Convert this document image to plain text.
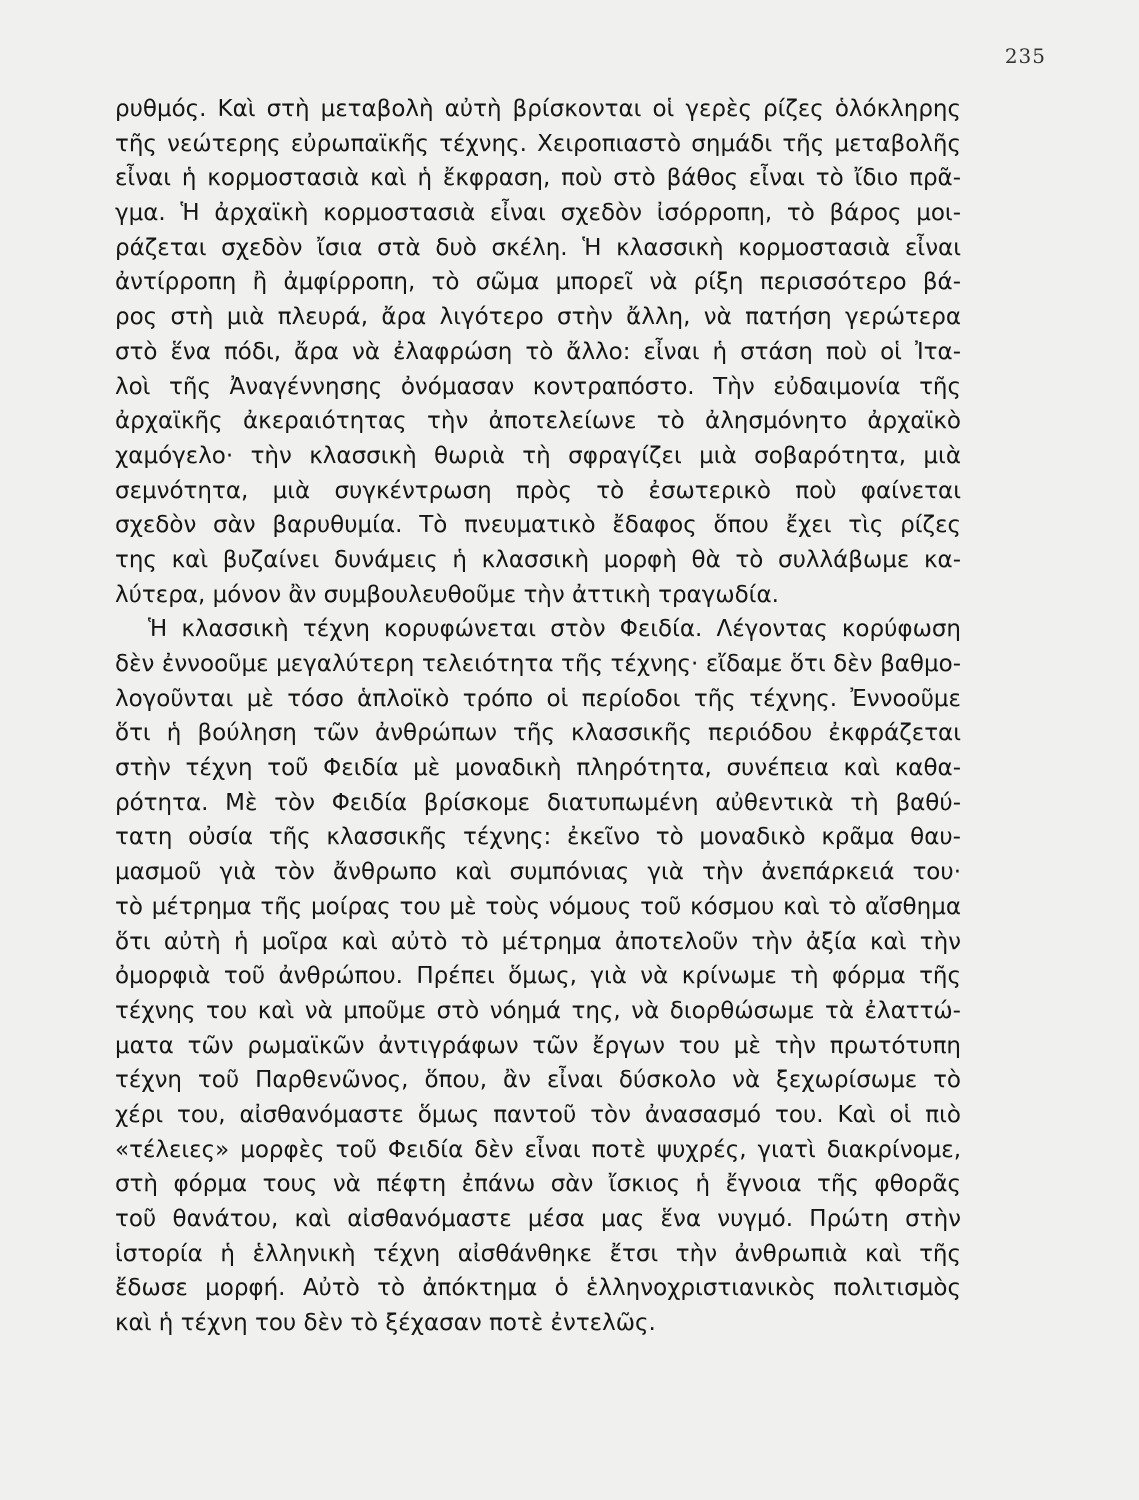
235
ρυθμός. Καὶ στὴ μεταβολὴ αὐτὴ βρίσκονται οἱ γερὲς ρίζες ὁλόκληρης
τῆς νεώτερης εὐρωπαϊκῆς τέχνης. Χειροπιαστὸ σημάδι τῆς μεταβολῆς
εἶναι ἡ κορμοστασιὰ καὶ ἡ ἔκφραση, ποὺ στὸ βάθος εἶναι τὸ ἴδιο πρᾶ-
γμα. Ἡ ἀρχαϊκὴ κορμοστασιὰ εἶναι σχεδὸν ἰσόρροπη, τὸ βάρος μοι-
ράζεται σχεδὸν ἴσια στὰ δυὸ σκέλη. Ἡ κλασσικὴ κορμοστασιὰ εἶναι
ἀντίρροπη ἢ ἀμφίρροπη, τὸ σῶμα μπορεῖ νὰ ρίξη περισσότερο βά-
ρος στὴ μιὰ πλευρά, ἄρα λιγότερο στὴν ἄλλη, νὰ πατήση γερώτερα
στὸ ἕνα πόδι, ἄρα νὰ ἐλαφρώση τὸ ἄλλο: εἶναι ἡ στάση ποὺ οἱ Ἰτα-
λοὶ τῆς Ἀναγέννησης ὀνόμασαν κοντραπόστο. Τὴν εὐδαιμονία τῆς
ἀρχαϊκῆς ἀκεραιότητας τὴν ἀποτελείωνε τὸ ἀλησμόνητο ἀρχαϊκὸ
χαμόγελο· τὴν κλασσικὴ θωριὰ τὴ σφραγίζει μιὰ σοβαρότητα, μιὰ
σεμνότητα, μιὰ συγκέντρωση πρὸς τὸ ἐσωτερικὸ ποὺ φαίνεται
σχεδὸν σὰν βαρυθυμία. Τὸ πνευματικὸ ἔδαφος ὅπου ἔχει τὶς ρίζες
της καὶ βυζαίνει δυνάμεις ἡ κλασσικὴ μορφὴ θὰ τὸ συλλάβωμε κα-
λύτερα, μόνον ἂν συμβουλευθοῦμε τὴν ἀττικὴ τραγωδία.
Ἡ κλασσικὴ τέχνη κορυφώνεται στὸν Φειδία. Λέγοντας κορύφωση
δὲν ἐννοοῦμε μεγαλύτερη τελειότητα τῆς τέχνης· εἴδαμε ὅτι δὲν βαθμο-
λογοῦνται μὲ τόσο ἁπλοϊκὸ τρόπο οἱ περίοδοι τῆς τέχνης. Ἐννοοῦμε
ὅτι ἡ βούληση τῶν ἀνθρώπων τῆς κλασσικῆς περιόδου ἐκφράζεται
στὴν τέχνη τοῦ Φειδία μὲ μοναδικὴ πληρότητα, συνέπεια καὶ καθα-
ρότητα. Μὲ τὸν Φειδία βρίσκομε διατυπωμένη αὐθεντικὰ τὴ βαθύ-
τατη οὐσία τῆς κλασσικῆς τέχνης: ἐκεῖνο τὸ μοναδικὸ κρᾶμα θαυ-
μασμοῦ γιὰ τὸν ἄνθρωπο καὶ συμπόνιας γιὰ τὴν ἀνεπάρκειά του·
τὸ μέτρημα τῆς μοίρας του μὲ τοὺς νόμους τοῦ κόσμου καὶ τὸ αἴσθημα
ὅτι αὐτὴ ἡ μοῖρα καὶ αὐτὸ τὸ μέτρημα ἀποτελοῦν τὴν ἀξία καὶ τὴν
ὀμορφιὰ τοῦ ἀνθρώπου. Πρέπει ὅμως, γιὰ νὰ κρίνωμε τὴ φόρμα τῆς
τέχνης του καὶ νὰ μποῦμε στὸ νόημά της, νὰ διορθώσωμε τὰ ἐλαττώ-
ματα τῶν ρωμαϊκῶν ἀντιγράφων τῶν ἔργων του μὲ τὴν πρωτότυπη
τέχνη τοῦ Παρθενῶνος, ὅπου, ἂν εἶναι δύσκολο νὰ ξεχωρίσωμε τὸ
χέρι του, αἰσθανόμαστε ὅμως παντοῦ τὸν ἀνασασμό του. Καὶ οἱ πιὸ
«τέλειες» μορφὲς τοῦ Φειδία δὲν εἶναι ποτὲ ψυχρές, γιατὶ διακρίνομε,
στὴ φόρμα τους νὰ πέφτη ἐπάνω σὰν ἴσκιος ἡ ἔγνοια τῆς φθορᾶς
τοῦ θανάτου, καὶ αἰσθανόμαστε μέσα μας ἕνα νυγμό. Πρώτη στὴν
ἱστορία ἡ ἑλληνικὴ τέχνη αἰσθάνθηκε ἔτσι τὴν ἀνθρωπιὰ καὶ τῆς
ἔδωσε μορφή. Αὐτὸ τὸ ἀπόκτημα ὁ ἑλληνοχριστιανικὸς πολιτισμὸς
καὶ ἡ τέχνη του δὲν τὸ ξέχασαν ποτὲ ἐντελῶς.
